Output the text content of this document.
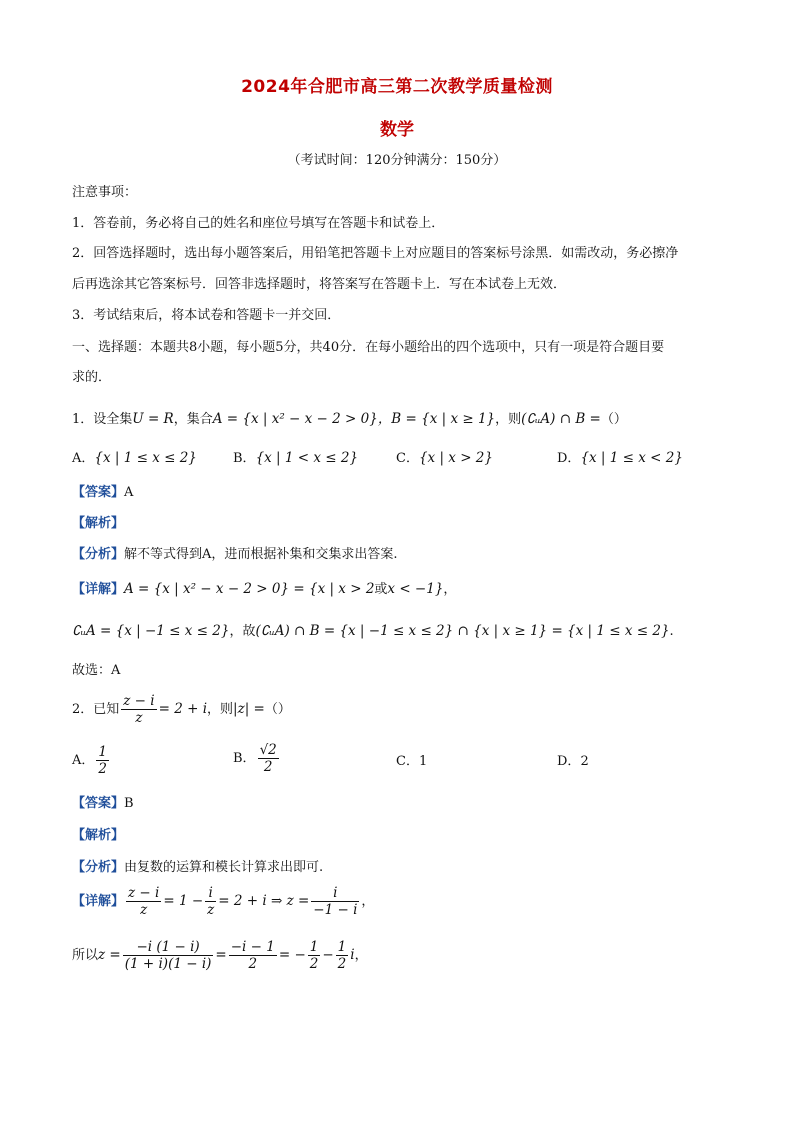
2024年合肥市高三第二次教学质量检测
数学
（考试时间：120分钟满分：150分）
注意事项：
1．答卷前，务必将自己的姓名和座位号填写在答题卡和试卷上．
2．回答选择题时，选出每小题答案后，用铅笔把答题卡上对应题目的答案标号涂黑．如需改动，务必擦净
后再选涂其它答案标号．回答非选择题时，将答案写在答题卡上．写在本试卷上无效．
3．考试结束后，将本试卷和答题卡一并交回．
一、选择题：本题共8小题，每小题5分，共40分．在每小题给出的四个选项中，只有一项是符合题目要
求的．
1．设全集U = R，集合A = {x | x² − x − 2 > 0}，B = {x | x ≥ 1}，则(∁ᵤA) ∩ B =（）
A．{x | 1 ≤ x ≤ 2}	B．{x | 1 < x ≤ 2}	C．{x | x > 2}	D．{x | 1 ≤ x < 2}
【答案】A
【解析】
【分析】解不等式得到A，进而根据补集和交集求出答案.
【详解】A = {x | x² − x − 2 > 0} = {x | x > 2或x < −1}，
∁ᵤA = {x | −1 ≤ x ≤ 2}，故(∁ᵤA) ∩ B = {x | −1 ≤ x ≤ 2} ∩ {x | x ≥ 1} = {x | 1 ≤ x ≤ 2}.
故选：A
2．已知 $\frac{z - i}{z} = 2 + i$，则|z| =（）
A． $\frac{1}{2}$	B． $\frac{√2}{2}$	C．1	D．2
【答案】B
【解析】
【分析】由复数的运算和模长计算求出即可.
【详解】 $\frac{z - i}{z} = 1 - \frac{i}{z} = 2 + i$ ⇒ $z = \frac{i}{-1 - i}$ ，
所以$z = \frac{-i (1 - i)}{(1 + i)(1 - i)} = \frac{-i - 1}{2}$ = − $\frac{1}{2} - \frac{1}{2}$ i，
